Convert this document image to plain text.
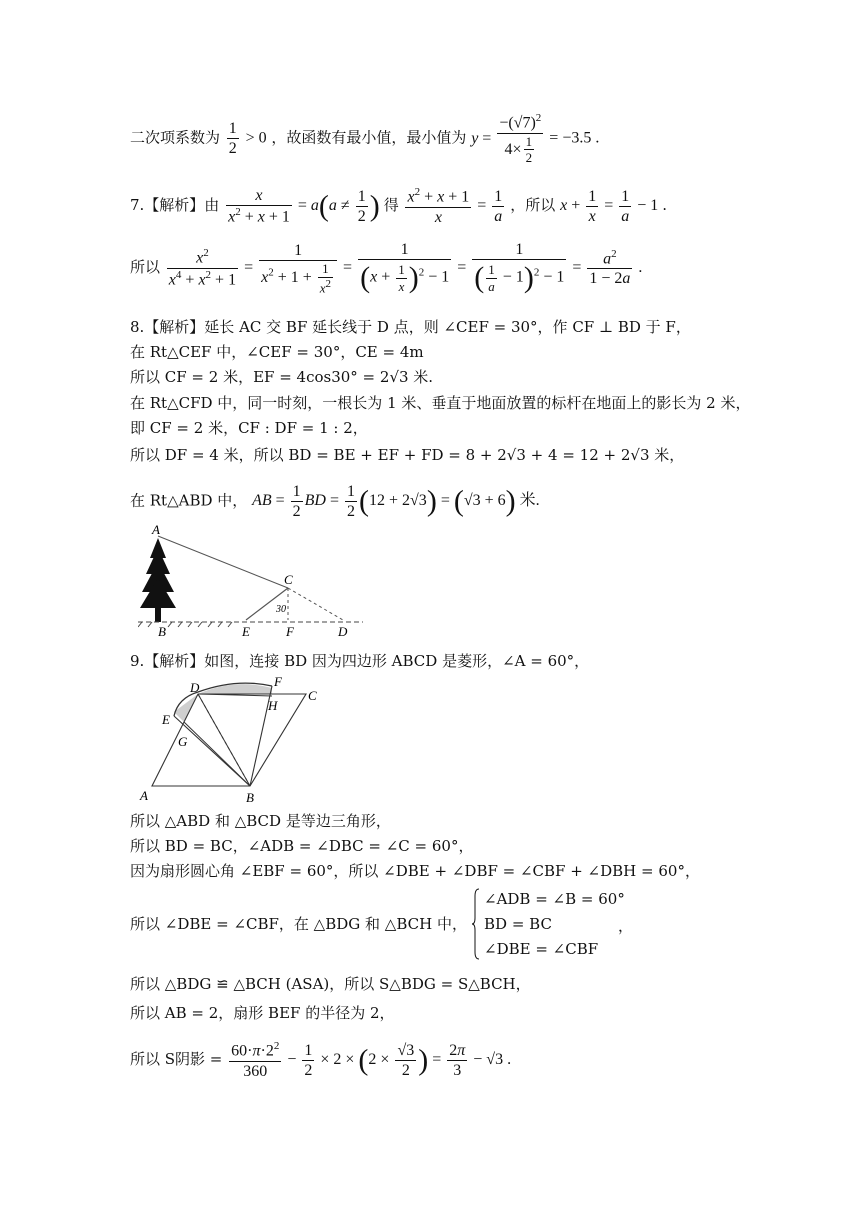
二次项系数为 $\frac{1}{2} > 0$ ，故函数有最小值，最小值为 $y = \frac{-(√7)^2}{4\times \frac{1}{2}} = -3.5$ .
7.【解析】由 $\frac{x}{x^2 + x + 1} = a(a \ne \frac{1}{2}$ ) 得 $\frac{x^2 + x + 1}{x} = \frac{1}{a}$ ，所以 $x + \frac{1}{x} = \frac{1}{a} - 1$ .
所以 $\frac{x^2}{x^4 + x^2 + 1} = \frac{1}{x^2 + 1 + \frac{1}{x^2}} = \frac{1}{(x + \frac{1}{x} )^2 - 1} = \frac{1}{( \frac{1}{a} - 1)^2 - 1} = \frac{a^2}{1 - 2a}$ .
8.【解析】延长 AC 交 BF 延长线于 D 点，则 ∠CEF = 30°，作 CF ⊥ BD 于 F，
在 Rt△CEF 中，∠CEF = 30°，CE = 4m
所以 CF = 2 米，EF = 4cos30° = 2√3 米.
在 Rt△CFD 中，同一时刻，一根长为 1 米、垂直于地面放置的标杆在地面上的影长为 2 米，
即 CF = 2 米，CF : DF = 1 : 2，
所以 DF = 4 米，所以 BD = BE + EF + FD = 8 + 2√3 + 4 = 12 + 2√3 米，
在 Rt△ABD 中， AB = $\frac{1}{2}$ BD = $\frac{1}{2} (12 + 2√3) = (√3 + 6)$ 米.
A
B	E	F	D
C
30
9.【解析】如图，连接 BD 因为四边形 ABCD 是菱形，∠A = 60°，
D	F
C
E
H
G
A	B
所以 △ABD 和 △BCD 是等边三角形，
所以 BD = BC，∠ADB = ∠DBC = ∠C = 60°，
因为扇形圆心角 ∠EBF = 60°，所以 ∠DBE + ∠DBF = ∠CBF + ∠DBH = 60°，
所以 ∠DBE = ∠CBF，在 △BDG 和 △BCH 中，
∠ADB = ∠B = 60°
BD = BC
∠DBE = ∠CBF
，
所以 △BDG ≌ △BCH (ASA)，所以 S△BDG = S△BCH，
所以 AB = 2，扇形 BEF 的半径为 2，
所以 S阴影 = $\frac{60\cdot\pi\cdot 2^2}{360} - \frac{1}{2} \times 2 \times (2 \times \frac{√3}{2}$ ) = $\frac{2\pi}{3} - √3$ .
